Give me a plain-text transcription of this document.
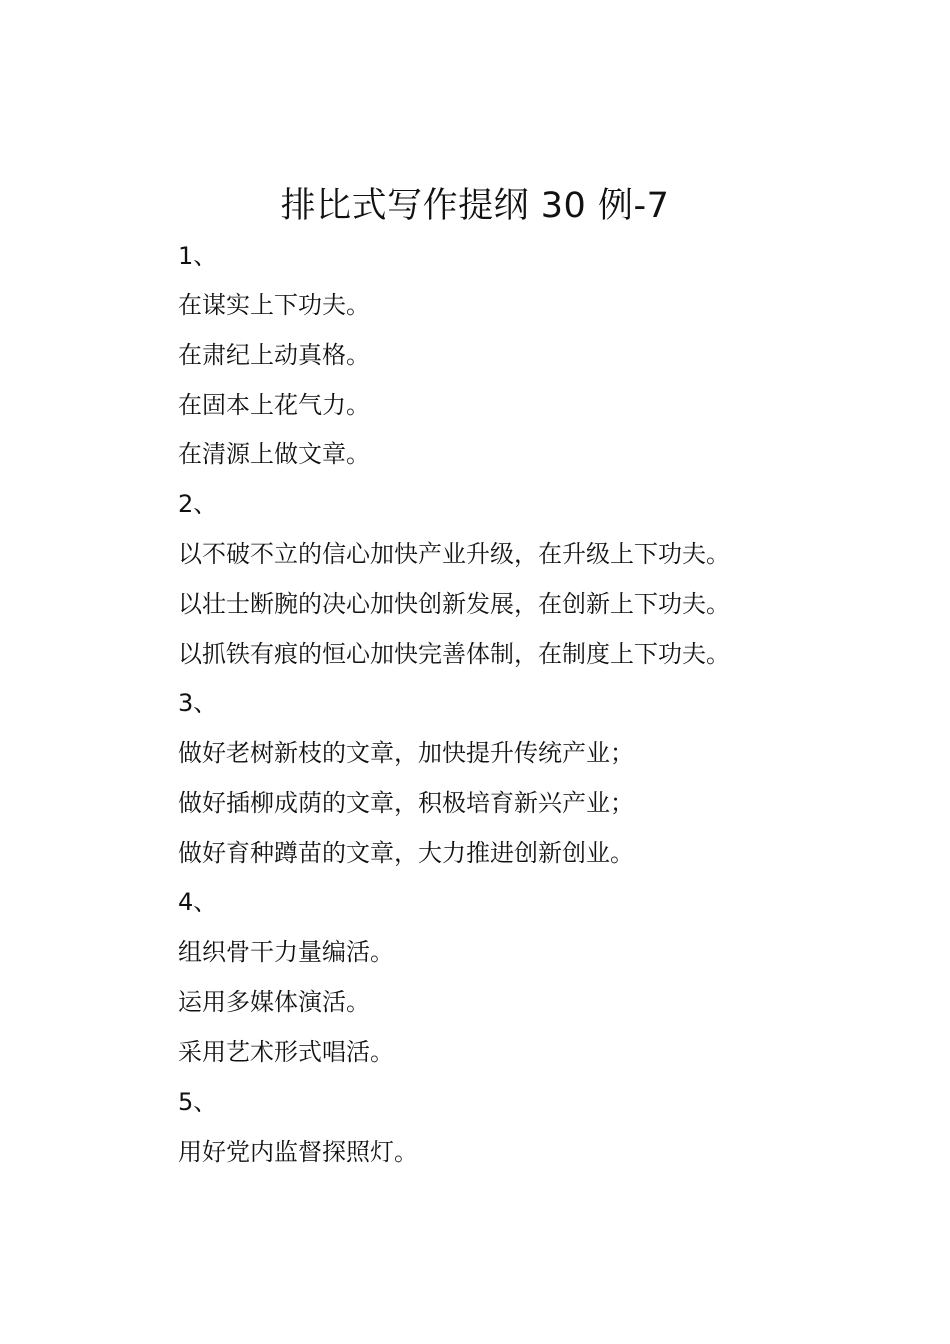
排比式写作提纲 30 例-7
1、
在谋实上下功夫。
在肃纪上动真格。
在固本上花气力。
在清源上做文章。
2、
以不破不立的信心加快产业升级，在升级上下功夫。
以壮士断腕的决心加快创新发展，在创新上下功夫。
以抓铁有痕的恒心加快完善体制，在制度上下功夫。
3、
做好老树新枝的文章，加快提升传统产业；
做好插柳成荫的文章，积极培育新兴产业；
做好育种蹲苗的文章，大力推进创新创业。
4、
组织骨干力量编活。
运用多媒体演活。
采用艺术形式唱活。
5、
用好党内监督探照灯。
